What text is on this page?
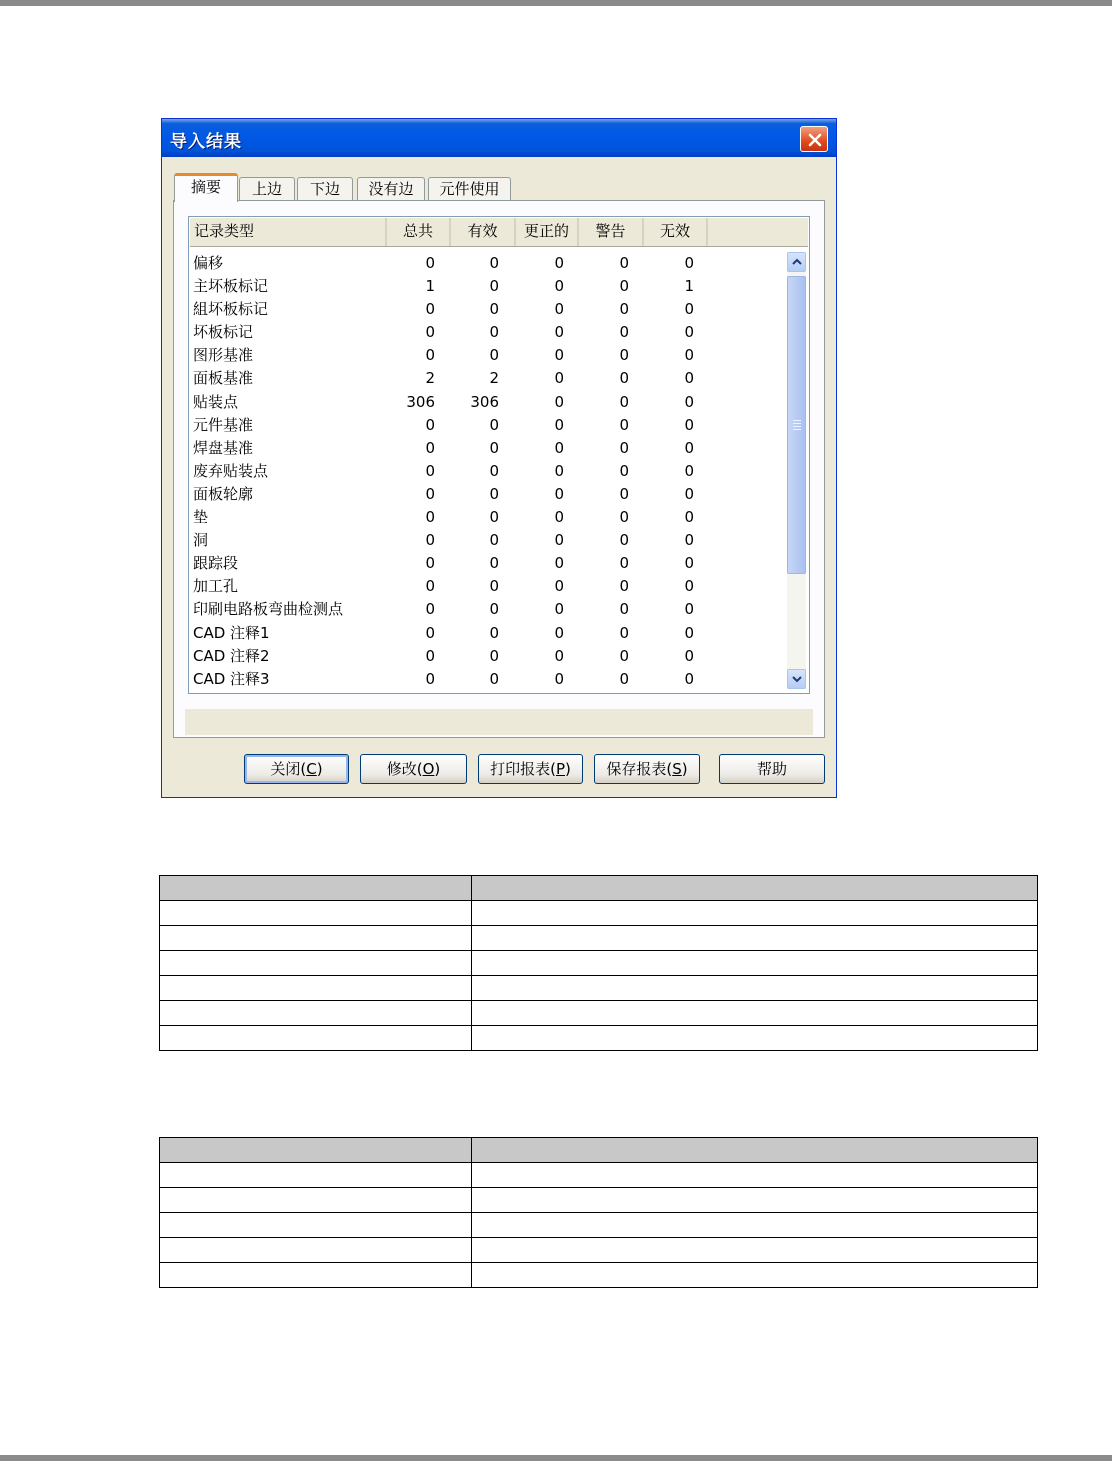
导入结果
摘要	上边	下边	没有边	元件使用
记录类型	总共	有效	更正的	警告	无效
偏移	0	0	0	0	0
主坏板标记	1	0	0	0	1
組坏板标记	0	0	0	0	0
坏板标记	0	0	0	0	0
图形基准	0	0	0	0	0
面板基准	2	2	0	0	0
贴装点	306	306	0	0	0
元件基准	0	0	0	0	0
焊盘基准	0	0	0	0	0
废弃贴装点	0	0	0	0	0
面板轮廓	0	0	0	0	0
垫	0	0	0	0	0
洞	0	0	0	0	0
跟踪段	0	0	0	0	0
加工孔	0	0	0	0	0
印刷电路板弯曲检测点	0	0	0	0	0
CAD 注释1	0	0	0	0	0
CAD 注释2	0	0	0	0	0
CAD 注释3	0	0	0	0	0
关闭(C)	修改(O)	打印报表(P)	保存报表(S)	帮助
